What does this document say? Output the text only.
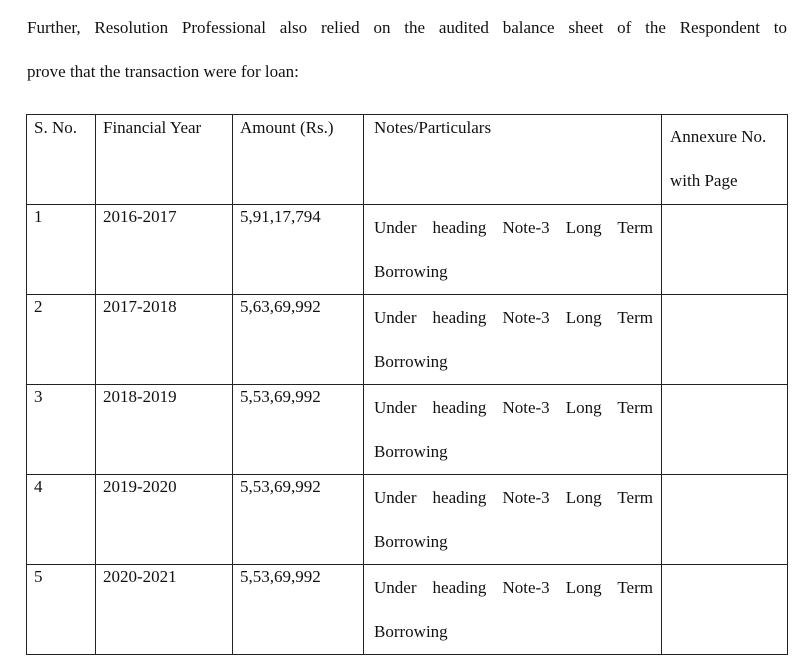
Further, Resolution Professional also relied on the audited balance sheet of the Respondent to
prove that the transaction were for loan:

S. No.	Financial Year	Amount (Rs.)	Notes/Particulars	Annexure No.
with Page

1	2016-2017	5,91,17,794	Under heading Note-3 Long Term
Borrowing	

2	2017-2018	5,63,69,992	Under heading Note-3 Long Term
Borrowing	

3	2018-2019	5,53,69,992	Under heading Note-3 Long Term
Borrowing	

4	2019-2020	5,53,69,992	Under heading Note-3 Long Term
Borrowing	

5	2020-2021	5,53,69,992	Under heading Note-3 Long Term
Borrowing	
